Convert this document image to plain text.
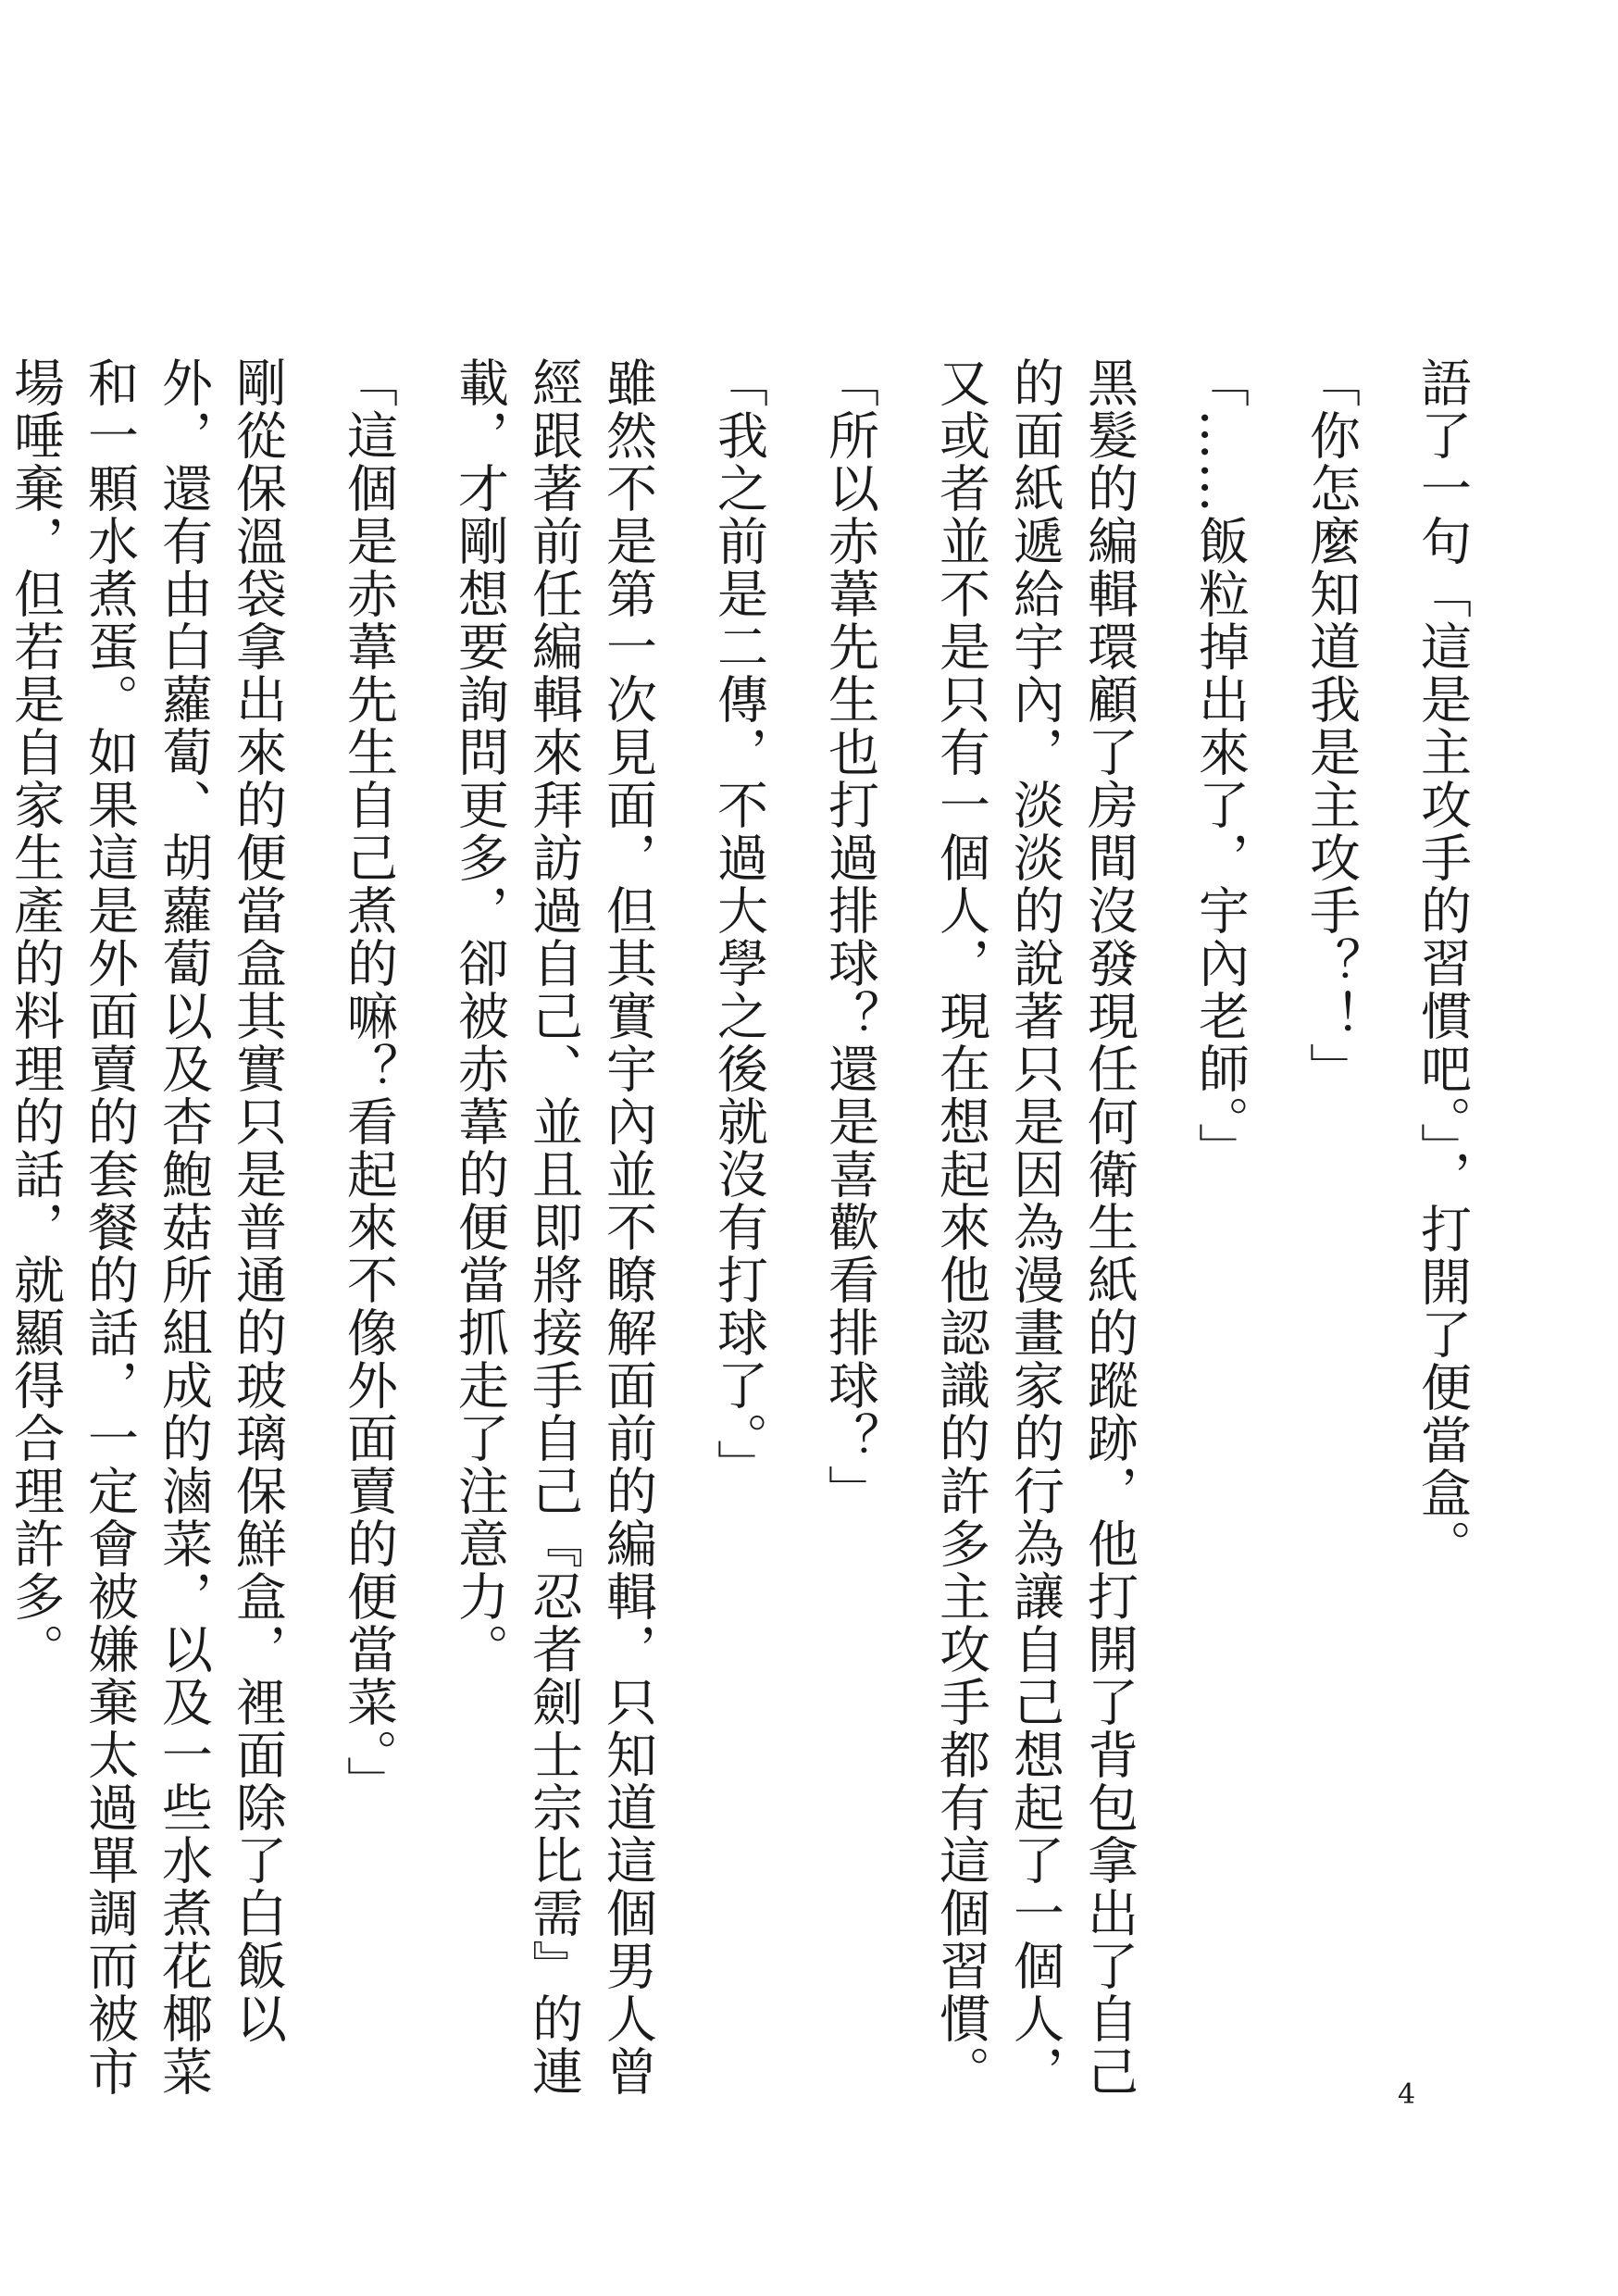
語了一句「這是主攻手的習慣吧。」，打開了便當盒。
「你怎麼知道我是主攻手？！」
「……飯粒掉出來了，宇內老師。」
黑髮的編輯環顧了房間沒發現任何衛生紙的蹤跡，他打開了背包拿出了自己
的面紙遞給宇內，淡淡的說著只是因為漫畫家的行為讓自己想起了一個人，
又或者並不是只有一個人，現在想起來他認識的許多主攻手都有這個習慣。
「所以赤葦先生也打過排球？還是喜歡看排球？」
「我之前是二傳，不過大學之後就沒有打球了。」
雖然不是第一次見面，但其實宇內並不瞭解面前的編輯，只知道這個男人曾
經跟著前任編輯來拜訪過自己、並且即將接手自己『忍者劍士宗比需』的連
載，才剛想要詢問更多，卻被赤葦的便當抓走了注意力。
「這個是赤葦先生自己煮的嘛？看起來不像外面賣的便當菜。」
剛從保溫袋拿出來的便當盒其實只是普通的玻璃保鮮盒，裡面除了白飯以
外，還有由白蘿蔔、胡蘿蔔以及杏鮑菇所組成的滷菜，以及一些水煮花椰菜
和一顆水煮蛋。如果這是外面賣的套餐的話，一定會被嫌棄太過單調而被市
場唾棄，但若是自家生產的料理的話，就顯得合理許多。
4
